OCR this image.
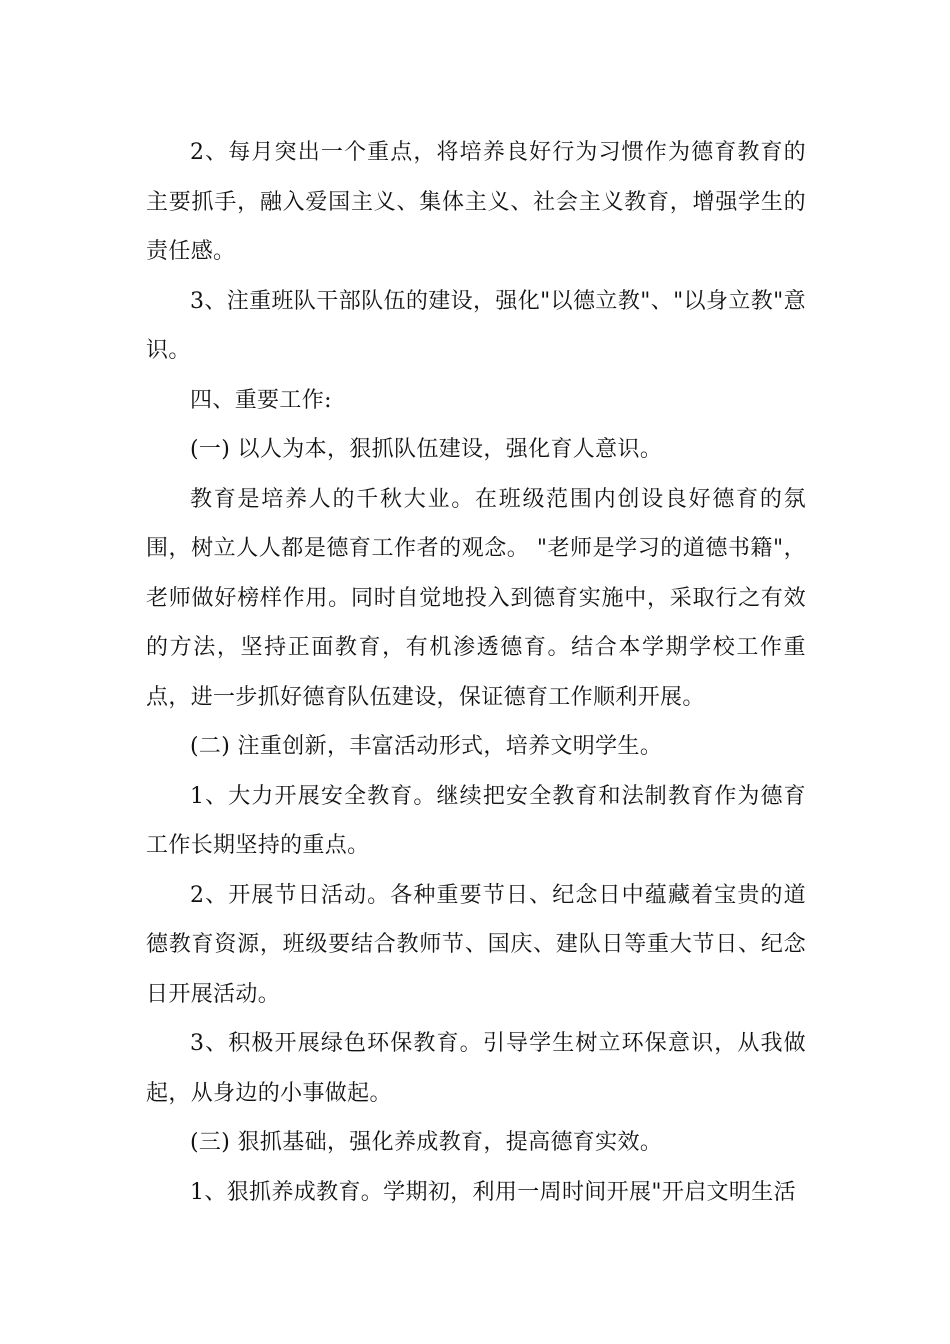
2、每月突出一个重点，将培养良好行为习惯作为德育教育的主要抓手，融入爱国主义、集体主义、社会主义教育，增强学生的责任感。

3、注重班队干部队伍的建设，强化"以德立教"、"以身立教"意识。

四、重要工作:

(一) 以人为本，狠抓队伍建设，强化育人意识。

教育是培养人的千秋大业。在班级范围内创设良好德育的氛围，树立人人都是德育工作者的观念。 "老师是学习的道德书籍"，老师做好榜样作用。同时自觉地投入到德育实施中，采取行之有效的方法，坚持正面教育，有机渗透德育。结合本学期学校工作重点，进一步抓好德育队伍建设，保证德育工作顺利开展。

(二) 注重创新，丰富活动形式，培养文明学生。

1、大力开展安全教育。继续把安全教育和法制教育作为德育工作长期坚持的重点。

2、开展节日活动。各种重要节日、纪念日中蕴藏着宝贵的道德教育资源，班级要结合教师节、国庆、建队日等重大节日、纪念日开展活动。

3、积极开展绿色环保教育。引导学生树立环保意识，从我做起，从身边的小事做起。

(三) 狠抓基础，强化养成教育，提高德育实效。

1、狠抓养成教育。学期初，利用一周时间开展"开启文明生活
